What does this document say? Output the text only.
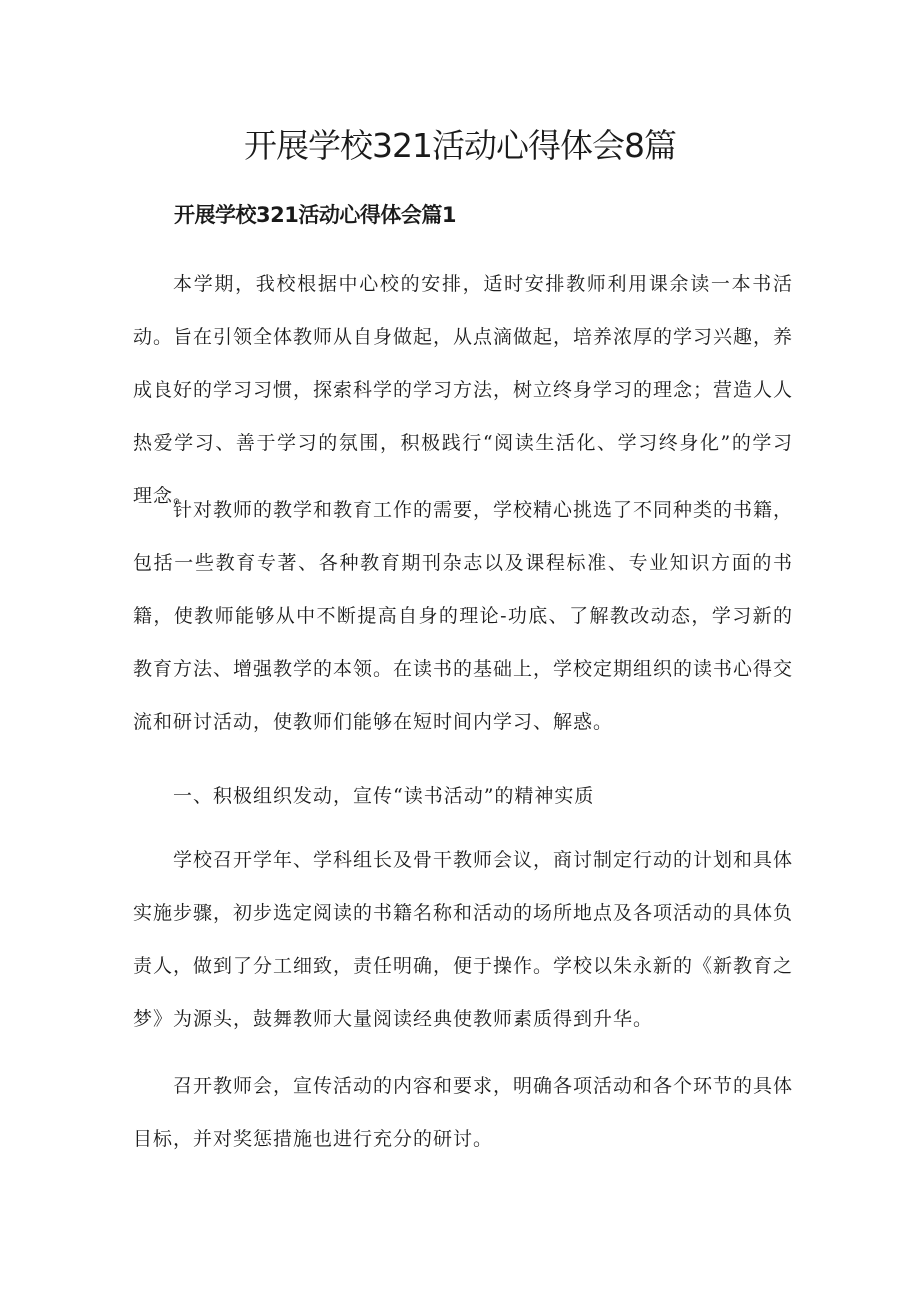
开展学校321活动心得体会8篇
开展学校321活动心得体会篇1

本学期，我校根据中心校的安排，适时安排教师利用课余读一本书活动。旨在引领全体教师从自身做起，从点滴做起，培养浓厚的学习兴趣，养成良好的学习习惯，探索科学的学习方法，树立终身学习的理念；营造人人热爱学习、善于学习的氛围，积极践行“阅读生活化、学习终身化”的学习理念。

针对教师的教学和教育工作的需要，学校精心挑选了不同种类的书籍，包括一些教育专著、各种教育期刊杂志以及课程标准、专业知识方面的书籍，使教师能够从中不断提高自身的理论-功底、了解教改动态，学习新的教育方法、增强教学的本领。在读书的基础上，学校定期组织的读书心得交流和研讨活动，使教师们能够在短时间内学习、解惑。

一、积极组织发动，宣传“读书活动”的精神实质

学校召开学年、学科组长及骨干教师会议，商讨制定行动的计划和具体实施步骤，初步选定阅读的书籍名称和活动的场所地点及各项活动的具体负责人，做到了分工细致，责任明确，便于操作。学校以朱永新的《新教育之梦》为源头，鼓舞教师大量阅读经典使教师素质得到升华。

召开教师会，宣传活动的内容和要求，明确各项活动和各个环节的具体目标，并对奖惩措施也进行充分的研讨。
